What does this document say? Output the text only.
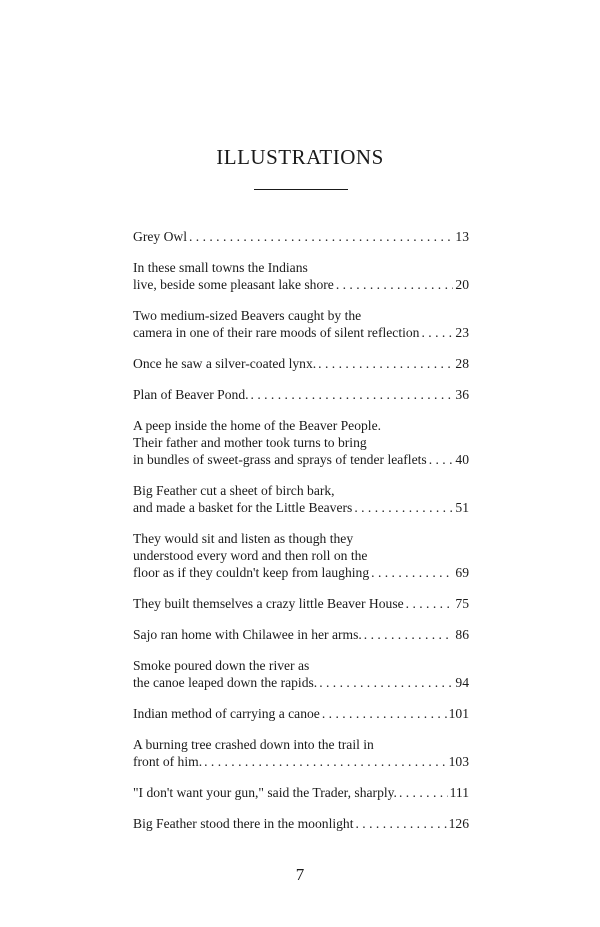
ILLUSTRATIONS
Grey Owl . . .	13
In these small towns the Indians
live, beside some pleasant lake shore . . .	20
Two medium-sized Beavers caught by the
camera in one of their rare moods of silent reflection . . .	23
Once he saw a silver-coated lynx. . . .	28
Plan of Beaver Pond. . . .	36
A peep inside the home of the Beaver People.
Their father and mother took turns to bring
in bundles of sweet-grass and sprays of tender leaflets . . . 40
Big Feather cut a sheet of birch bark,
and made a basket for the Little Beavers . . .	51
They would sit and listen as though they
understood every word and then roll on the
floor as if they couldn't keep from laughing . . .	69
They built themselves a crazy little Beaver House . . .	75
Sajo ran home with Chilawee in her arms. . . .	86
Smoke poured down the river as
the canoe leaped down the rapids. . . .	94
Indian method of carrying a canoe . . .	101
A burning tree crashed down into the trail in
front of him. . . .	103
"I don't want your gun," said the Trader, sharply. . . .	111
Big Feather stood there in the moonlight . . .	126
7
